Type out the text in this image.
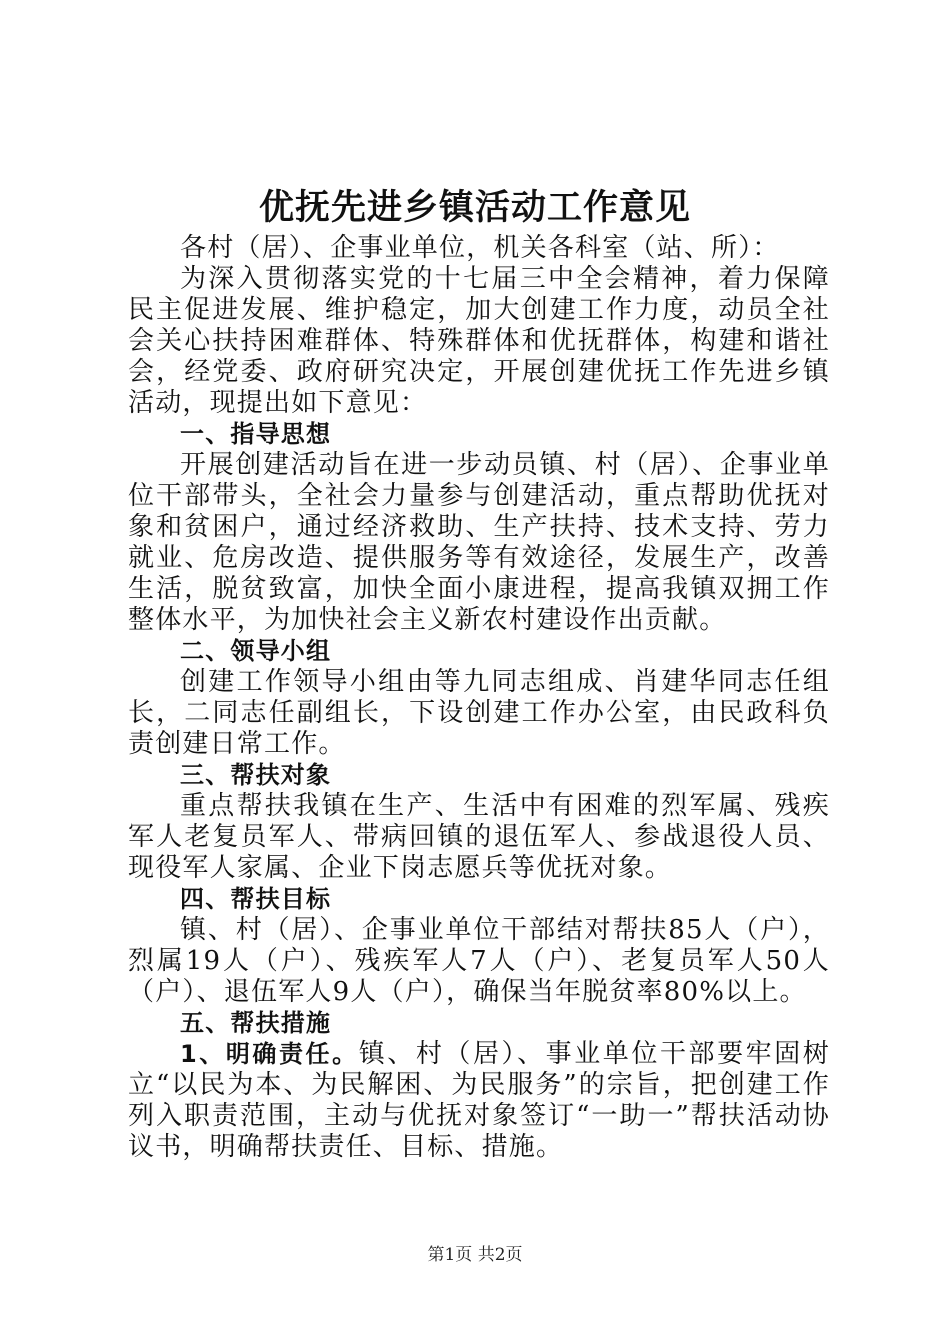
优抚先进乡镇活动工作意见

各村（居）、企事业单位，机关各科室（站、所）：

为深入贯彻落实党的十七届三中全会精神，着力保障民主促进发展、维护稳定，加大创建工作力度，动员全社会关心扶持困难群体、特殊群体和优抚群体，构建和谐社会，经党委、政府研究决定，开展创建优抚工作先进乡镇活动，现提出如下意见：

一、指导思想

开展创建活动旨在进一步动员镇、村（居）、企事业单位干部带头，全社会力量参与创建活动，重点帮助优抚对象和贫困户，通过经济救助、生产扶持、技术支持、劳力就业、危房改造、提供服务等有效途径，发展生产，改善生活，脱贫致富，加快全面小康进程，提高我镇双拥工作整体水平，为加快社会主义新农村建设作出贡献。

二、领导小组

创建工作领导小组由等九同志组成、肖建华同志任组长，二同志任副组长，下设创建工作办公室，由民政科负责创建日常工作。

三、帮扶对象

重点帮扶我镇在生产、生活中有困难的烈军属、残疾军人老复员军人、带病回镇的退伍军人、参战退役人员、现役军人家属、企业下岗志愿兵等优抚对象。

四、帮扶目标

镇、村（居）、企事业单位干部结对帮扶85人（户），烈属19人（户）、残疾军人7人（户）、老复员军人50人（户）、退伍军人9人（户），确保当年脱贫率80%以上。

五、帮扶措施

1、明确责任。镇、村（居）、事业单位干部要牢固树立“以民为本、为民解困、为民服务”的宗旨，把创建工作列入职责范围，主动与优抚对象签订“一助一”帮扶活动协议书，明确帮扶责任、目标、措施。

第1页 共2页
